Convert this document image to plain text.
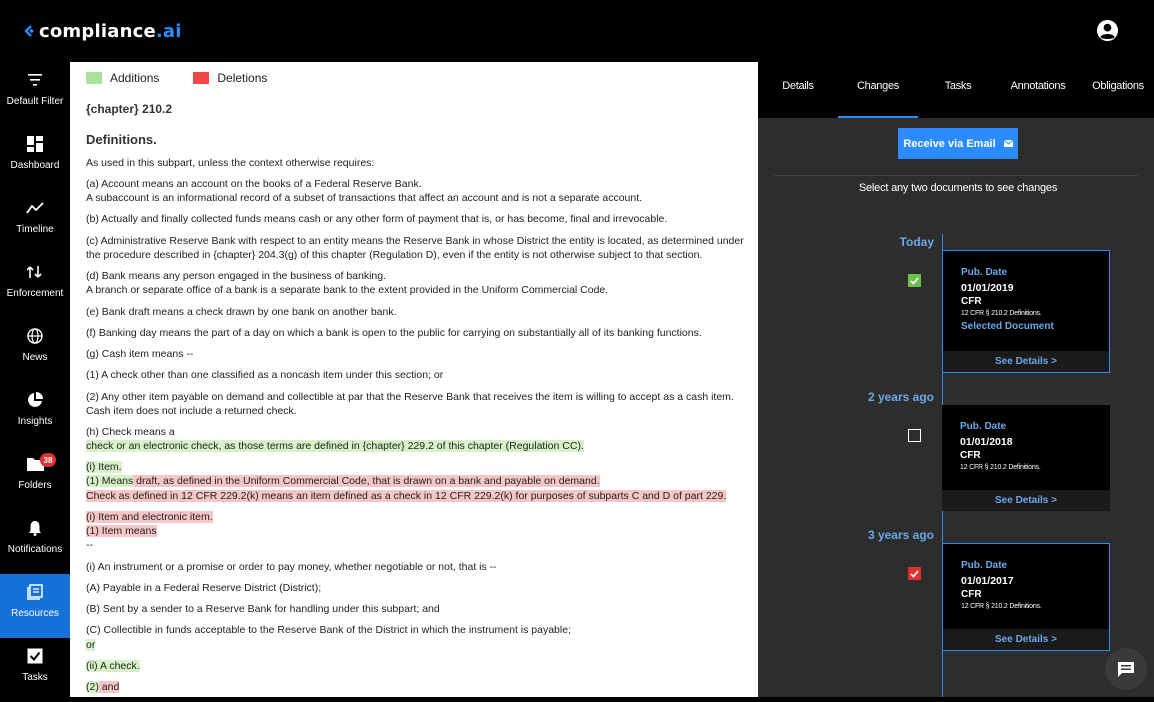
compliance .ai
Default Filter
Dashboard
Timeline
Enforcement
News
Insights
Folders
Notifications
Resources
Tasks
38
Additions	Deletions
{chapter} 210.2
Definitions.
As used in this subpart, unless the context otherwise requires:
(a) Account means an account on the books of a Federal Reserve Bank.
A subaccount is an informational record of a subset of transactions that affect an account and is not a separate account.
(b) Actually and finally collected funds means cash or any other form of payment that is, or has become, final and irrevocable.
(c) Administrative Reserve Bank with respect to an entity means the Reserve Bank in whose District the entity is located, as determined under
the procedure described in {chapter} 204.3(g) of this chapter (Regulation D), even if the entity is not otherwise subject to that section.
(d) Bank means any person engaged in the business of banking.
A branch or separate office of a bank is a separate bank to the extent provided in the Uniform Commercial Code.
(e) Bank draft means a check drawn by one bank on another bank.
(f) Banking day means the part of a day on which a bank is open to the public for carrying on substantially all of its banking functions.
(g) Cash item means --
(1) A check other than one classified as a noncash item under this section; or
(2) Any other item payable on demand and collectible at par that the Reserve Bank that receives the item is willing to accept as a cash item.
Cash item does not include a returned check.
(h) Check means a
check or an electronic check, as those terms are defined in {chapter} 229.2 of this chapter (Regulation CC).
(i) Item.
(1) Means draft, as defined in the Uniform Commercial Code, that is drawn on a bank and payable on demand.
Check as defined in 12 CFR 229.2(k) means an item defined as a check in 12 CFR 229.2(k) for purposes of subparts C and D of part 229.
(i) Item and electronic item.
(1) Item means
--
(i) An instrument or a promise or order to pay money, whether negotiable or not, that is --
(A) Payable in a Federal Reserve District (District);
(B) Sent by a sender to a Reserve Bank for handling under this subpart; and
(C) Collectible in funds acceptable to the Reserve Bank of the District in which the instrument is payable;
or
(ii) A check.
(2) and
Details	Changes	Tasks	Annotations	Obligations
Receive via Email
Select any two documents to see changes
Today
Pub. Date
01/01/2019
CFR
12 CFR § 210.2 Definitions.
Selected Document
See Details >
2 years ago
Pub. Date
01/01/2018
CFR
12 CFR § 210.2 Definitions.
See Details >
3 years ago
Pub. Date
01/01/2017
CFR
12 CFR § 210.2 Definitions.
See Details >
